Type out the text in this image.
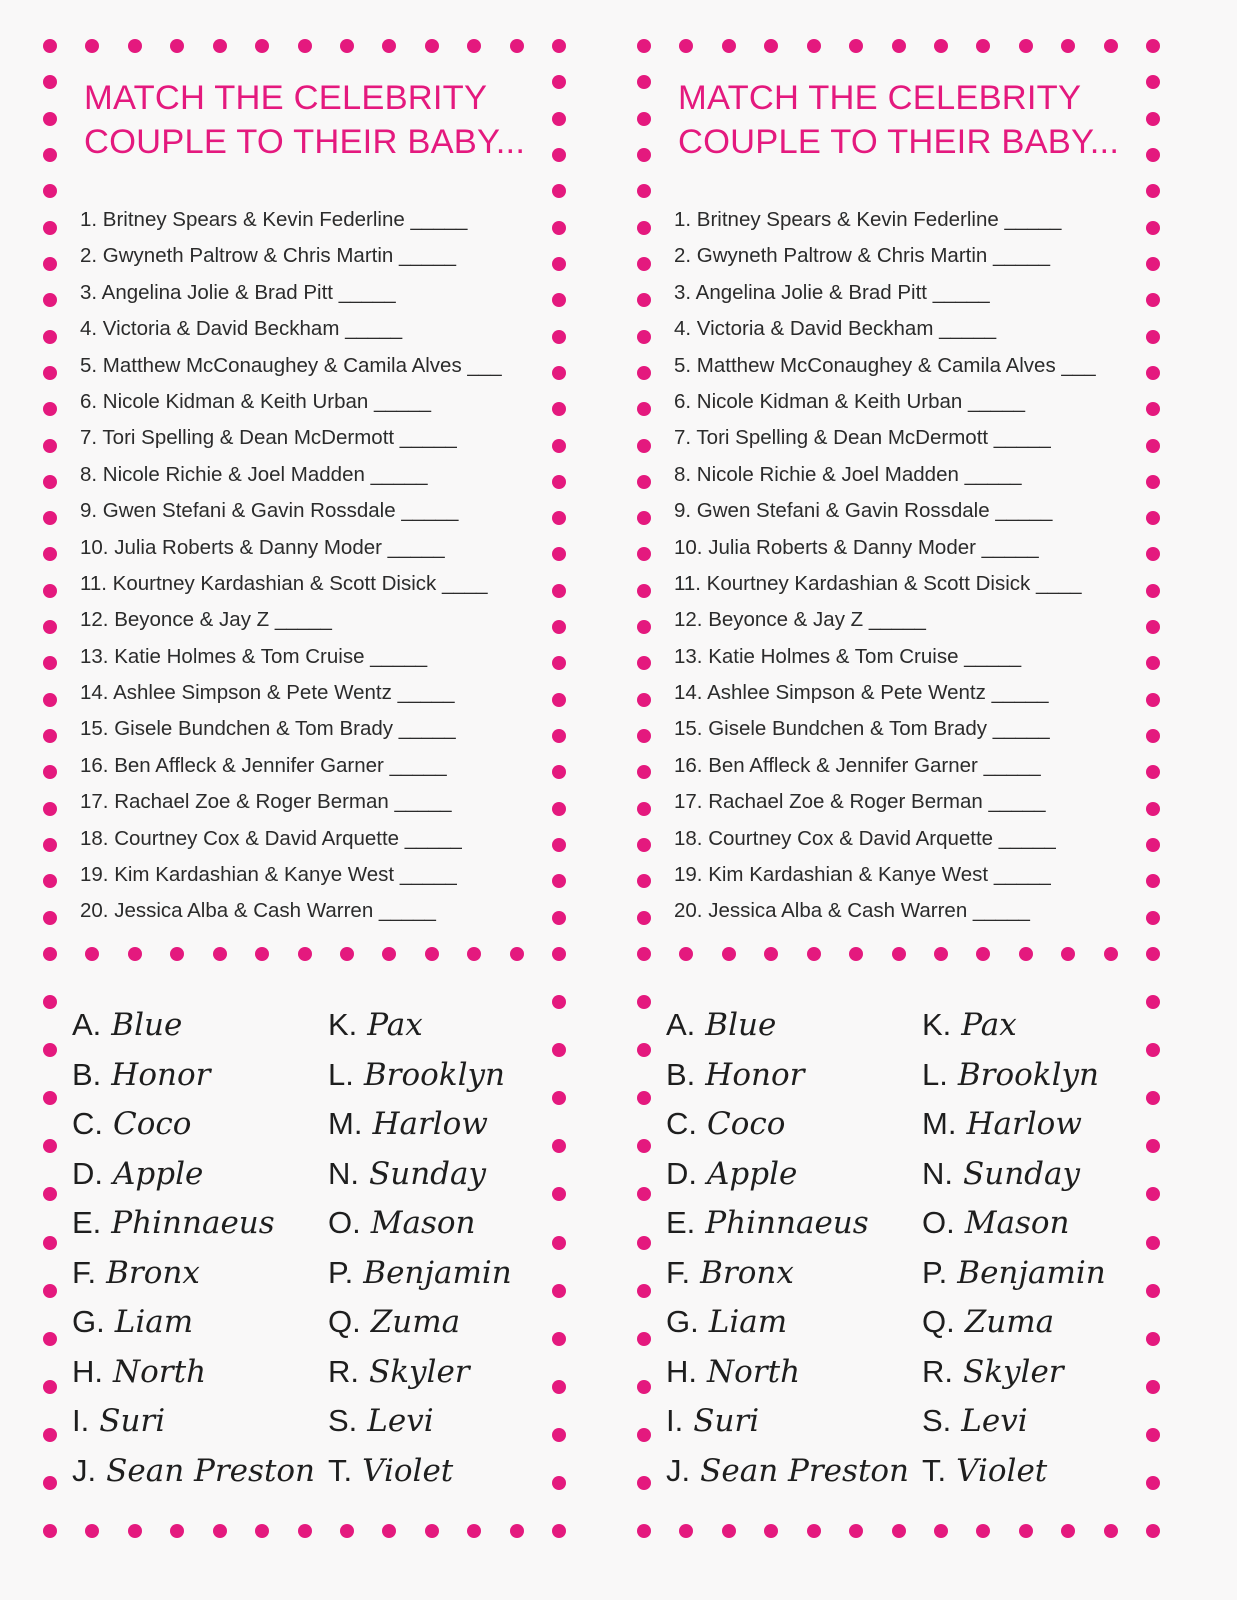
MATCH THE CELEBRITY
COUPLE TO THEIR BABY...
1. Britney Spears & Kevin Federline _____
2. Gwyneth Paltrow & Chris Martin _____
3. Angelina Jolie & Brad Pitt _____
4. Victoria & David Beckham _____
5. Matthew McConaughey & Camila Alves ___
6. Nicole Kidman & Keith Urban _____
7. Tori Spelling & Dean McDermott _____
8. Nicole Richie & Joel Madden _____
9. Gwen Stefani & Gavin Rossdale _____
10. Julia Roberts & Danny Moder _____
11. Kourtney Kardashian & Scott Disick ____
12. Beyonce & Jay Z _____
13. Katie Holmes & Tom Cruise _____
14. Ashlee Simpson & Pete Wentz _____
15. Gisele Bundchen & Tom Brady _____
16. Ben Affleck & Jennifer Garner _____
17. Rachael Zoe & Roger Berman _____
18. Courtney Cox & David Arquette _____
19. Kim Kardashian & Kanye West _____
20. Jessica Alba & Cash Warren _____
A. Blue
B. Honor
C. Coco
D. Apple
E. Phinnaeus
F. Bronx
G. Liam
H. North
I. Suri
J. Sean Preston
K. Pax
L. Brooklyn
M. Harlow
N. Sunday
O. Mason
P. Benjamin
Q. Zuma
R. Skyler
S. Levi
T. Violet
MATCH THE CELEBRITY
COUPLE TO THEIR BABY...
1. Britney Spears & Kevin Federline _____
2. Gwyneth Paltrow & Chris Martin _____
3. Angelina Jolie & Brad Pitt _____
4. Victoria & David Beckham _____
5. Matthew McConaughey & Camila Alves ___
6. Nicole Kidman & Keith Urban _____
7. Tori Spelling & Dean McDermott _____
8. Nicole Richie & Joel Madden _____
9. Gwen Stefani & Gavin Rossdale _____
10. Julia Roberts & Danny Moder _____
11. Kourtney Kardashian & Scott Disick ____
12. Beyonce & Jay Z _____
13. Katie Holmes & Tom Cruise _____
14. Ashlee Simpson & Pete Wentz _____
15. Gisele Bundchen & Tom Brady _____
16. Ben Affleck & Jennifer Garner _____
17. Rachael Zoe & Roger Berman _____
18. Courtney Cox & David Arquette _____
19. Kim Kardashian & Kanye West _____
20. Jessica Alba & Cash Warren _____
A. Blue
B. Honor
C. Coco
D. Apple
E. Phinnaeus
F. Bronx
G. Liam
H. North
I. Suri
J. Sean Preston
K. Pax
L. Brooklyn
M. Harlow
N. Sunday
O. Mason
P. Benjamin
Q. Zuma
R. Skyler
S. Levi
T. Violet
